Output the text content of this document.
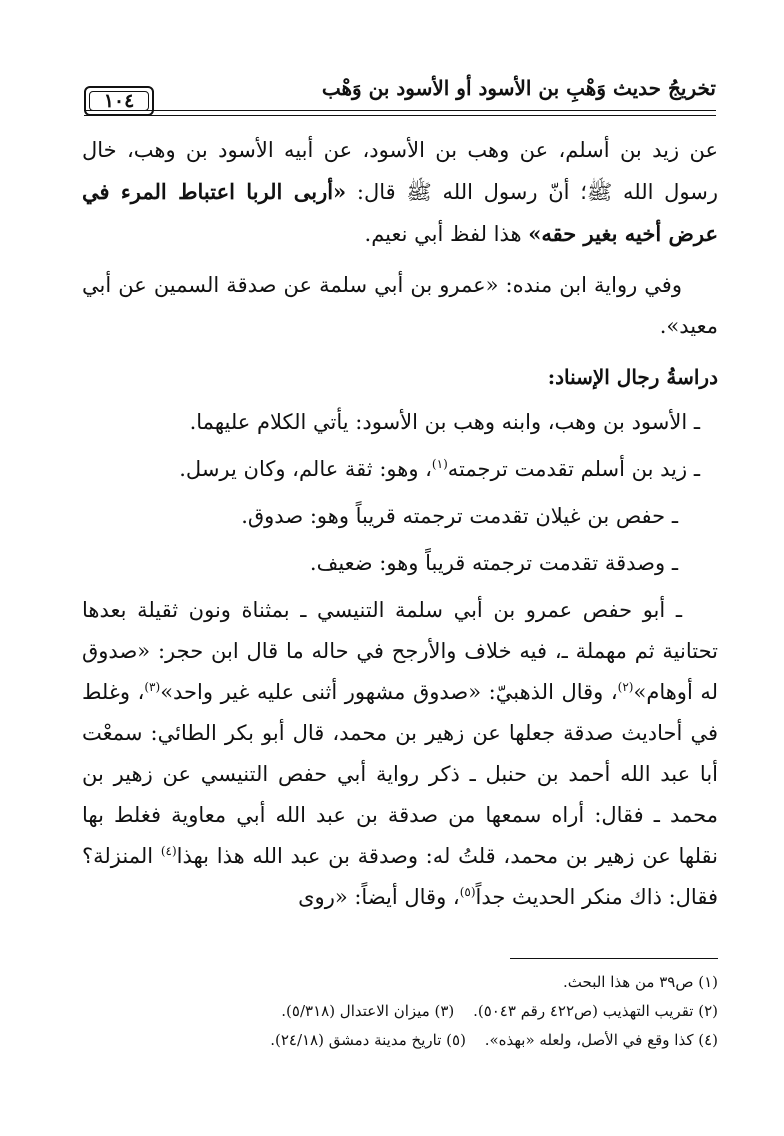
تخريجُ حديث وَهْبِ بن الأسود أو الأسود بن وَهْب
١٠٤

عن زيد بن أسلم، عن وهب بن الأسود، عن أبيه الأسود بن وهب، خال رسول الله ﷺ؛ أنّ رسول الله ﷺ قال: «أربى الربا اعتباط المرء في عرض أخيه بغير حقه» هذا لفظ أبي نعيم.

وفي رواية ابن منده: «عمرو بن أبي سلمة عن صدقة السمين عن أبي معيد».

دراسةُ رجال الإسناد:

ـ الأسود بن وهب، وابنه وهب بن الأسود: يأتي الكلام عليهما.

ـ زيد بن أسلم تقدمت ترجمته$^{(١)}$، وهو: ثقة عالم، وكان يرسل.

ـ حفص بن غيلان تقدمت ترجمته قريباً وهو: صدوق.

ـ وصدقة تقدمت ترجمته قريباً وهو: ضعيف.

ـ أبو حفص عمرو بن أبي سلمة التنيسي ـ بمثناة ونون ثقيلة بعدها تحتانية ثم مهملة ـ، فيه خلاف والأرجح في حاله ما قال ابن حجر: «صدوق له أوهام»$^{(٢)}$، وقال الذهبيّ: «صدوق مشهور أثنى عليه غير واحد»$^{(٣)}$، وغلط في أحاديث صدقة جعلها عن زهير بن محمد، قال أبو بكر الطائي: سمعْت أبا عبد الله أحمد بن حنبل ـ ذكر رواية أبي حفص التنيسي عن زهير بن محمد ـ فقال: أراه سمعها من صدقة بن عبد الله أبي معاوية فغلط بها نقلها عن زهير بن محمد، قلتُ له: وصدقة بن عبد الله هذا بهذا$^{(٤)}$ المنزلة؟ فقال: ذاك منكر الحديث جداً$^{(٥)}$، وقال أيضاً: «روى

(١) ص٣٩ من هذا البحث.
(٢) تقريب التهذيب (ص٤٢٢ رقم ٥٠٤٣). (٣) ميزان الاعتدال (٥/٣١٨).
(٤) كذا وقع في الأصل، ولعله «بهذه». (٥) تاريخ مدينة دمشق (٢٤/١٨).
